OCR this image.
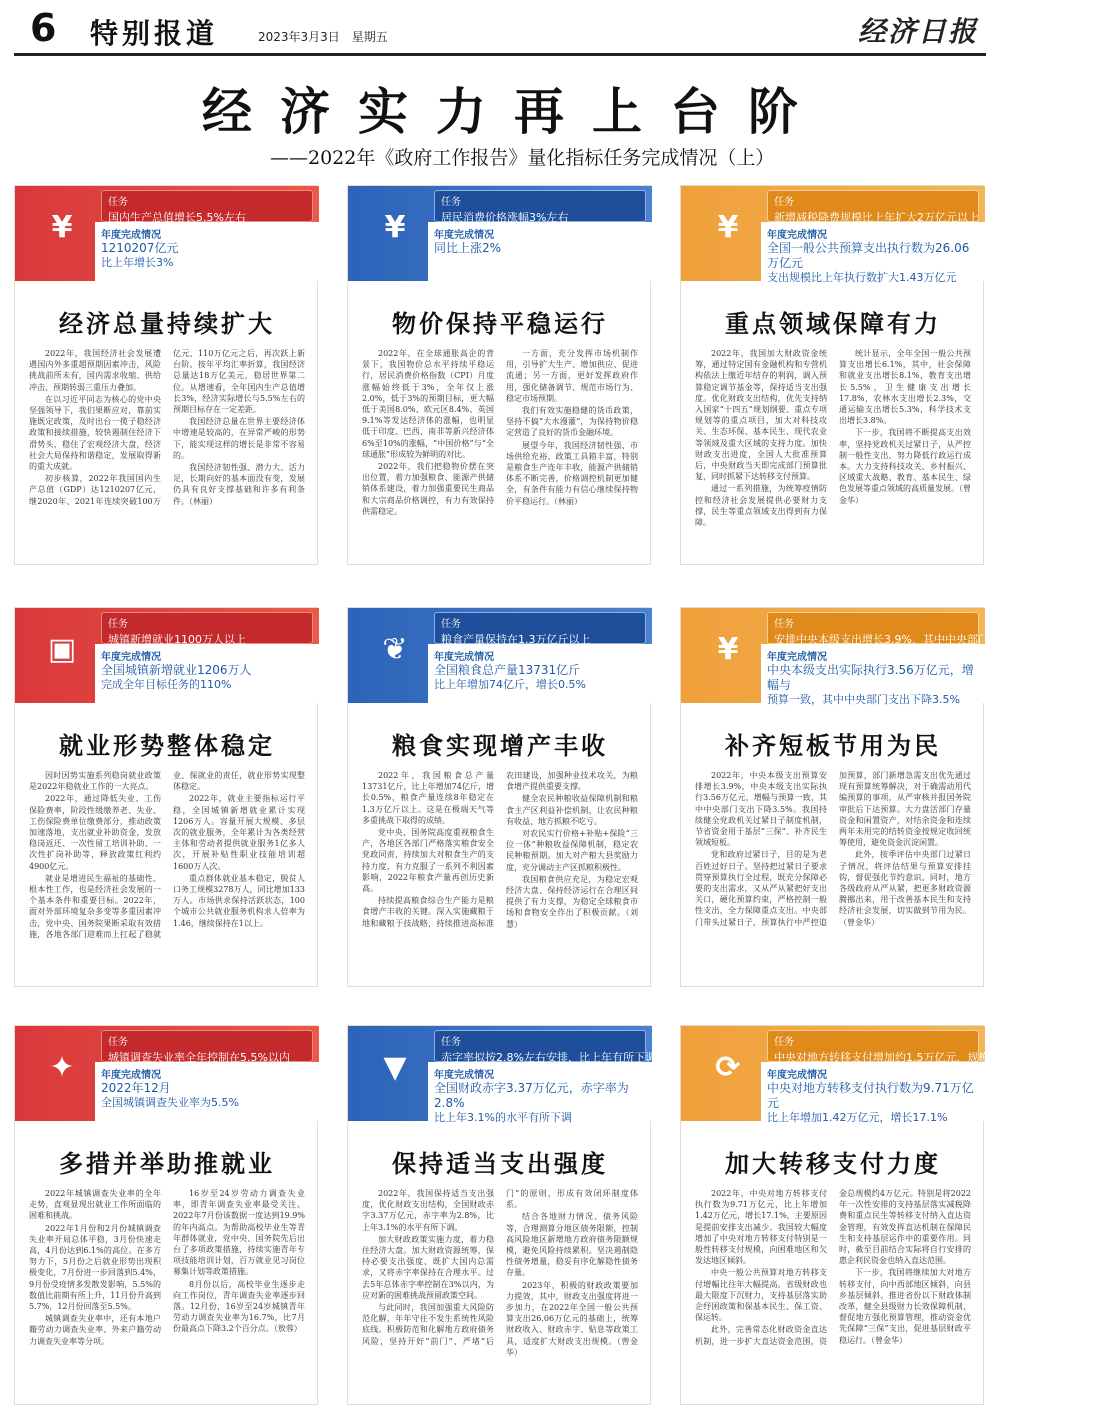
6 特别报道	2023年3月3日　星期五	经济日报
经济实力再上台阶
——2022年《政府工作报告》量化指标任务完成情况（上）
¥
任务
国内生产总值增长5.5%左右
年度完成情况
1210207亿元
比上年增长3%
经济总量持续扩大

2022年，我国经济社会发展遭遇国内外多重超预期因素冲击，风险挑战前所未有，国内需求收缩、供给冲击、预期转弱三重压力叠加。

在以习近平同志为核心的党中央坚强领导下，我们果断应对，靠前实施既定政策，及时出台一揽子稳经济政策和接续措施，较快遏制住经济下滑势头，稳住了宏观经济大盘，经济社会大局保持和谐稳定，发展取得新的重大成就。

初步核算，2022年我国国内生产总值（GDP）达1210207亿元，继2020年、2021年连续突破100万亿元、110万亿元之后，再次跃上新台阶。按年平均汇率折算，我国经济总量达18万亿美元，稳居世界第二位。从增速看，全年国内生产总值增长3%，经济实际增长与5.5%左右的预期目标存在一定差距。

我国经济总量在世界主要经济体中增速是较高的，在异常严峻的形势下，能实现这样的增长是非常不容易的。

我国经济韧性强、潜力大、活力足，长期向好的基本面没有变，发展仍具有良好支撑基础和许多有利条件。（林丽）

¥
任务
居民消费价格涨幅3%左右
年度完成情况
同比上涨2%
物价保持平稳运行

2022年，在全球通胀高企的背景下，我国物价总水平持续平稳运行，居民消费价格指数（CPI）月度涨幅始终低于3%，全年仅上涨2.0%，低于3%的预期目标，更大幅低于美国8.0%、欧元区8.4%、英国9.1%等发达经济体的涨幅，也明显低于印度、巴西、南非等新兴经济体6%至10%的涨幅，“中国价格”与“全球通胀”形成较为鲜明的对比。

2022年，我们把稳物价摆在突出位置，着力加强粮食、能源产供储销体系建设，着力加强重要民生商品和大宗商品价格调控，有力有效保持供需稳定。

一方面，充分发挥市场机制作用，引导扩大生产、增加供应、促进流通；另一方面，更好发挥政府作用，强化储备调节、规范市场行为、稳定市场预期。

我们有效实施稳健的货币政策，坚持不搞“大水漫灌”，为保持物价稳定营造了良好的货币金融环境。

展望今年，我国经济韧性强、市场供给充裕、政策工具箱丰富，特别是粮食生产连年丰收，能源产供储销体系不断完善，价格调控机制更加健全，有条件有能力有信心继续保持物价平稳运行。（林丽）

¥
任务
新增减税降费规模比上年扩大2万亿元以上
年度完成情况
全国一般公共预算支出执行数为26.06万亿元
支出规模比上年执行数扩大1.43万亿元
重点领域保障有力

2022年，我国加大财政资金统筹，通过特定国有金融机构和专营机构依法上缴近年结存的利润，调入预算稳定调节基金等，保持适当支出强度。优化财政支出结构，优先支持纳入国家“十四五”规划纲要、重点专项规划等的重点项目，加大对科技攻关、生态环保、基本民生、现代农业等领域及重大区域的支持力度。加快财政支出进度，全国人大批准预算后，中央财政当天即完成部门预算批复，同时抓紧下达转移支付预算。

通过一系列措施，为统筹疫情防控和经济社会发展提供必要财力支撑，民生等重点领域支出得到有力保障。

统计显示，全年全国一般公共预算支出增长6.1%，其中，社会保障和就业支出增长8.1%，教育支出增长5.5%，卫生健康支出增长17.8%，农林水支出增长2.3%，交通运输支出增长5.3%，科学技术支出增长3.8%。

下一步，我国将不断提高支出效率，坚持党政机关过紧日子，从严控制一般性支出，努力降低行政运行成本。大力支持科技攻关、乡村振兴、区域重大战略、教育、基本民生、绿色发展等重点领域的高质量发展。（曾金华）

▣
任务
城镇新增就业1100万人以上
年度完成情况
全国城镇新增就业1206万人
完成全年目标任务的110%
就业形势整体稳定

因时因势实施系列稳岗就业政策是2022年稳就业工作的一大亮点。

2022年，通过降低失业、工伤保险费率，阶段性缓缴养老、失业、工伤保险费单位缴费部分，推动政策加速落地，支出就业补助资金，发放稳岗返还、一次性留工培训补助、一次性扩岗补助等，释放政策红利约4900亿元。

就业是增进民生福祉的基础性、根本性工作，也是经济社会发展的一个基本条件和重要目标。2022年，面对外部环境复杂多变等多重因素冲击，党中央、国务院果断采取有效措施，各地各部门迎难而上扛起了稳就业、保就业的责任，就业形势实现整体稳定。

2022年，就业主要指标运行平稳，全国城镇新增就业累计实现1206万人。容量开展大规模、多层次的就业服务，全年累计为各类经营主体和劳动者提供就业服务1亿多人次，开展补贴性职业技能培训超1600万人次。

重点群体就业基本稳定，脱贫人口务工规模3278万人，同比增加133万人。市场供求保持活跃状态，100个城市公共就业服务机构求人倍率为1.46，继续保持在1以上。

❦
任务
粮食产量保持在1.3万亿斤以上
年度完成情况
全国粮食总产量13731亿斤
比上年增加74亿斤，增长0.5%
粮食实现增产丰收

2022年，我国粮食总产量13731亿斤，比上年增加74亿斤，增长0.5%，粮食产量连续8年稳定在1.3万亿斤以上。这是在极端天气等多重挑战下取得的成绩。

党中央、国务院高度重视粮食生产，各地区各部门严格落实粮食安全党政同责，持续加大对粮食生产的支持力度，有力克服了一系列不利因素影响，2022年粮食产量再创历史新高。

持续提高粮食综合生产能力是粮食增产丰收的关键。深入实施藏粮于地和藏粮于技战略，持续推进高标准农田建设，加强种业技术攻关，为粮食增产提供重要支撑。

健全农民种粮收益保障机制和粮食主产区利益补偿机制，让农民种粮有收益、地方抓粮不吃亏。

对农民实行价格+补贴+保险“三位一体”种粮收益保障机制，稳定农民种粮预期。加大对产粮大县奖励力度，充分调动主产区抓粮积极性。

我国粮食供应充足，为稳定宏观经济大盘、保持经济运行在合理区间提供了有力支撑，为稳定全球粮食市场和食物安全作出了积极贡献。（刘慧）

¥
任务
安排中央本级支出增长3.9%，其中中央部门支出继续负增长
年度完成情况
中央本级支出实际执行3.56万亿元，增幅与
预算一致，其中中央部门支出下降3.5%
补齐短板节用为民

2022年，中央本级支出预算安排增长3.9%，中央本级支出实际执行3.56万亿元，增幅与预算一致，其中中央部门支出下降3.5%。我国持续健全党政机关过紧日子制度机制，节省资金用于基层“三保”、补齐民生领域短板。

党和政府过紧日子，目的是为老百姓过好日子。坚持把过紧日子要求贯穿预算执行全过程，既充分保障必要的支出需求，又从严从紧把好支出关口，硬化预算约束，严格控制一般性支出，全力保障重点支出。中央部门带头过紧日子，预算执行中严控追加预算，部门新增急需支出优先通过现有预算统筹解决，对于确需动用代编预算的事项，从严审核并报国务院审批后下达预算。大力盘活部门存量资金和闲置资产，对结余资金和连续两年未用完的结转资金按规定收回统筹使用，避免资金沉淀闲置。

此外，按季评估中央部门过紧日子情况，将评估结果与预算安排挂钩，督促强化节约意识。同时，地方各级政府从严从紧，把更多财政资源腾挪出来，用于改善基本民生和支持经济社会发展，切实做到节用为民。（曾金华）

✦
任务
城镇调查失业率全年控制在5.5%以内
年度完成情况
2022年12月
全国城镇调查失业率为5.5%
多措并举助推就业

2022年城镇调查失业率的全年走势，直观显现出就业工作所面临的困难和挑战。

2022年1月份和2月份城镇调查失业率开局总体平稳，3月份快速走高，4月份达到6.1%的高位。在多方努力下，5月份之后就业形势出现积极变化，7月份进一步回落到5.4%，9月份受疫情多发散发影响，5.5%的数值比前期有所上升，11月份升高到5.7%，12月份回落至5.5%。

城镇调查失业率中，还有本地户籍劳动力调查失业率、外来户籍劳动力调查失业率等分项。

16岁至24岁劳动力调查失业率，即青年调查失业率最受关注。2022年7月份该数据一度达到19.9%的年内高点。为帮助高校毕业生等青年群体就业，党中央、国务院先后出台了多项政策措施，持续实施青年专项技能培训计划，百万就业见习岗位募集计划等政策措施。

8月份以后，高校毕业生逐步走向工作岗位，青年调查失业率逐步回落。12月份，16岁至24岁城镇青年劳动力调查失业率为16.7%，比7月份最高点下降3.2个百分点。（敖蓉）

▼
任务
赤字率拟按2.8%左右安排，比上年有所下调
年度完成情况
全国财政赤字3.37万亿元，赤字率为2.8%
比上年3.1%的水平有所下调
保持适当支出强度

2022年，我国保持适当支出强度，优化财政支出结构，全国财政赤字3.37万亿元，赤字率为2.8%，比上年3.1%的水平有所下调。

加大财政政策实施力度，着力稳住经济大盘。加大财政资源统筹，保持必要支出强度，既扩大国内总需求，又将赤字率保持在合理水平。过去5年总体赤字率控制在3%以内，为应对新的困难挑战预留政策空间。

与此同时，我国加强重大风险防范化解，年年守住不发生系统性风险底线。积极防范和化解地方政府债务风险，坚持开好“前门”、严堵“后门”的原则，形成有效闭环制度体系。

结合各地财力情况、债务风险等，合理测算分地区债务限额，控制高风险地区新增地方政府债务限额规模，避免风险持续累积。坚决遏制隐性债务增量，稳妥有序化解隐性债务存量。

2023年，积极的财政政策要加力提效，其中，财政支出强度将进一步加力，在2022年全国一般公共预算支出26.06万亿元的基础上，统筹财政收入、财政赤字、贴息等政策工具，适度扩大财政支出规模。（曾金华）

⟳
任务
中央对地方转移支付增加约1.5万亿元，规模达9.8万亿元，增长18%
年度完成情况
中央对地方转移支付执行数为9.71万亿元
比上年增加1.42万亿元，增长17.1%
加大转移支付力度

2022年，中央对地方转移支付执行数为9.71万亿元，比上年增加1.42万亿元，增长17.1%，主要原因是提前安排支出减少。我国较大幅度增加了中央对地方转移支付特别是一般性转移支付规模，向困难地区和欠发达地区倾斜。

中央一般公共预算对地方转移支付增幅比往年大幅提高。省级财政也最大限度下沉财力，支持基层落实助企纾困政策和保基本民生、保工资、保运转。

此外，完善常态化财政资金直达机制，进一步扩大直达资金范围，资金总规模约4万亿元。特别是将2022年一次性安排的支持基层落实减税降费和重点民生等转移支付纳入直达资金管理，有效发挥直达机制在保障民生和支持基层运作中的重要作用。同时，截至目前结合实际将自行安排的惠企利民资金也纳入直达范围。

下一步，我国将继续加大对地方转移支付，向中西部地区倾斜，向县乡基层倾斜。推进省份以下财政体制改革，健全县级财力长效保障机制，督促地方强化预算管理，推动资金优先保障“三保”支出，促进基层财政平稳运行。（曾金华）
